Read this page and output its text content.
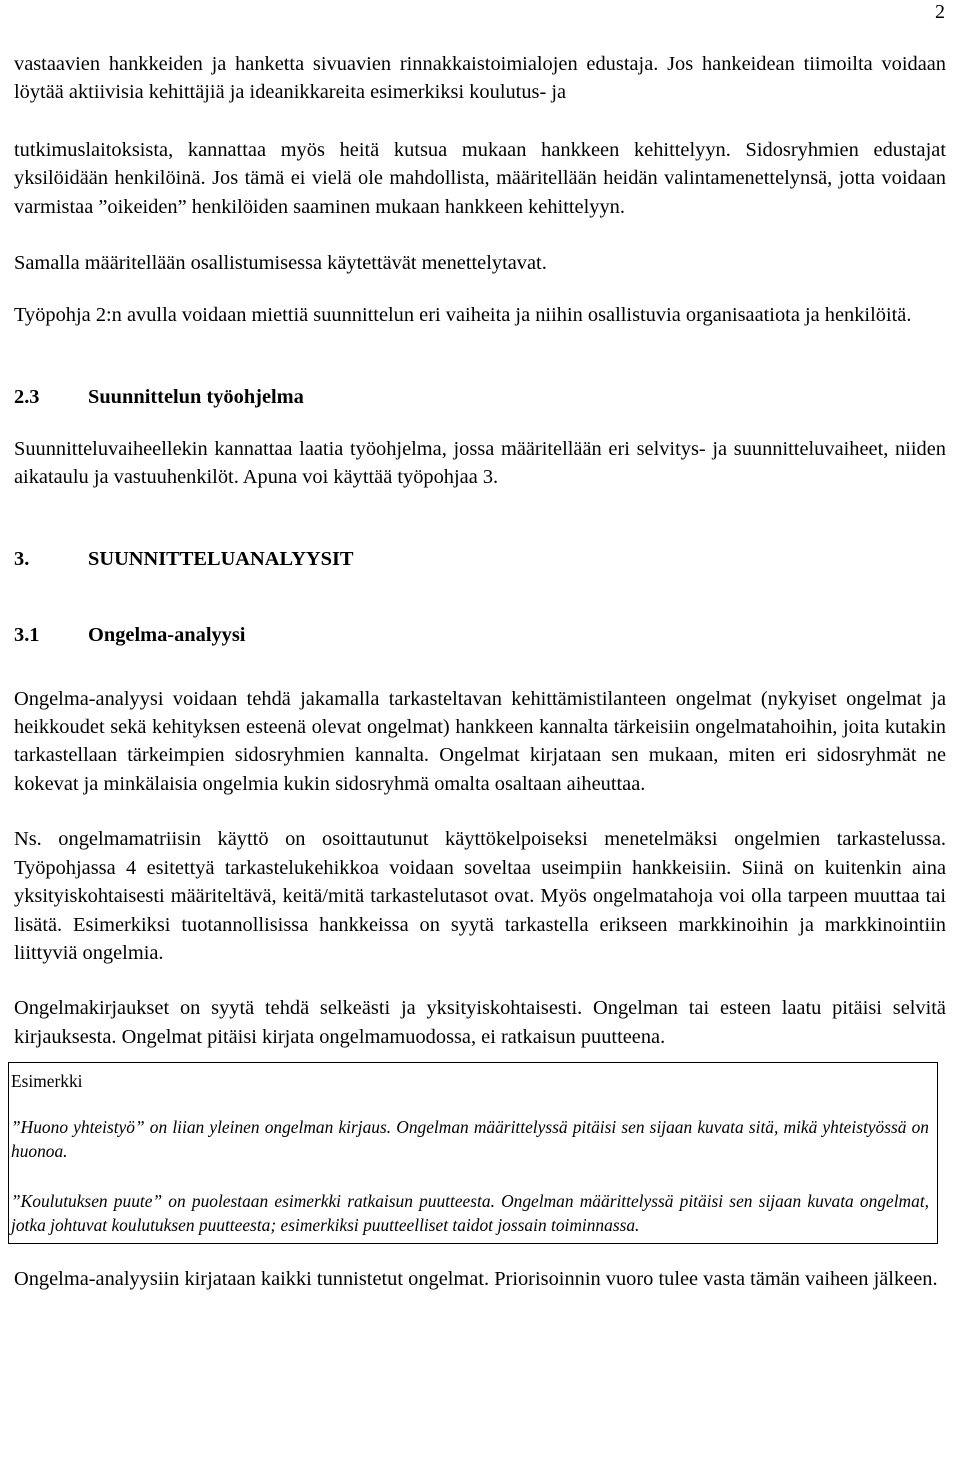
2

vastaavien hankkeiden ja hanketta sivuavien rinnakkaistoimialojen edustaja. Jos hankeidean tiimoilta voidaan löytää aktiivisia kehittäjiä ja ideanikkareita esimerkiksi koulutus- ja

tutkimuslaitoksista, kannattaa myös heitä kutsua mukaan hankkeen kehittelyyn. Sidosryhmien edustajat yksilöidään henkilöinä. Jos tämä ei vielä ole mahdollista, määritellään heidän valintamenettelynsä, jotta voidaan varmistaa ”oikeiden” henkilöiden saaminen mukaan hankkeen kehittelyyn.

Samalla määritellään osallistumisessa käytettävät menettelytavat.

Työpohja 2:n avulla voidaan miettiä suunnittelun eri vaiheita ja niihin osallistuvia organisaatiota ja henkilöitä.

2.3	Suunnittelun työohjelma

Suunnitteluvaiheellekin kannattaa laatia työohjelma, jossa määritellään eri selvitys- ja suunnitteluvaiheet, niiden aikataulu ja vastuuhenkilöt. Apuna voi käyttää työpohjaa 3.

3.	SUUNNITTELUANALYYSIT
3.1	Ongelma-analyysi

Ongelma-analyysi voidaan tehdä jakamalla tarkasteltavan kehittämistilanteen ongelmat (nykyiset ongelmat ja heikkoudet sekä kehityksen esteenä olevat ongelmat) hankkeen kannalta tärkeisiin ongelmatahoihin, joita kutakin tarkastellaan tärkeimpien sidosryhmien kannalta. Ongelmat kirjataan sen mukaan, miten eri sidosryhmät ne kokevat ja minkälaisia ongelmia kukin sidosryhmä omalta osaltaan aiheuttaa.

Ns. ongelmamatriisin käyttö on osoittautunut käyttökelpoiseksi menetelmäksi ongelmien tarkastelussa. Työpohjassa 4 esitettyä tarkastelukehikkoa voidaan soveltaa useimpiin hankkeisiin. Siinä on kuitenkin aina yksityiskohtaisesti määriteltävä, keitä/mitä tarkastelutasot ovat. Myös ongelmatahoja voi olla tarpeen muuttaa tai lisätä. Esimerkiksi tuotannollisissa hankkeissa on syytä tarkastella erikseen markkinoihin ja markkinointiin liittyviä ongelmia.

Ongelmakirjaukset on syytä tehdä selkeästi ja yksityiskohtaisesti. Ongelman tai esteen laatu pitäisi selvitä kirjauksesta. Ongelmat pitäisi kirjata ongelmamuodossa, ei ratkaisun puutteena.

Esimerkki
”Huono yhteistyö” on liian yleinen ongelman kirjaus. Ongelman määrittelyssä pitäisi sen sijaan kuvata sitä, mikä yhteistyössä on huonoa.
”Koulutuksen puute” on puolestaan esimerkki ratkaisun puutteesta. Ongelman määrittelyssä pitäisi sen sijaan kuvata ongelmat, jotka johtuvat koulutuksen puutteesta; esimerkiksi puutteelliset taidot jossain toiminnassa.

Ongelma-analyysiin kirjataan kaikki tunnistetut ongelmat. Priorisoinnin vuoro tulee vasta tämän vaiheen jälkeen.
